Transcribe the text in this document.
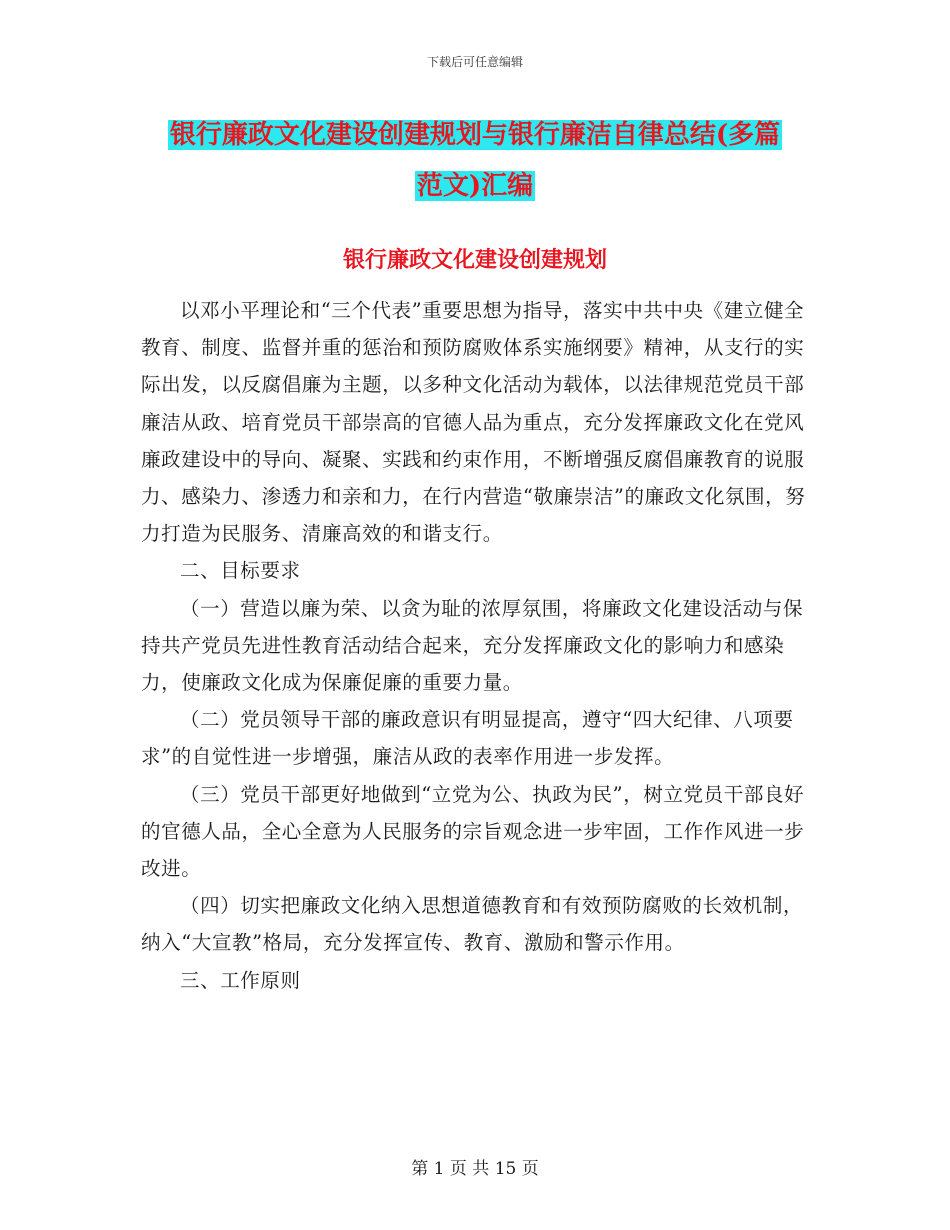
下载后可任意编辑
银行廉政文化建设创建规划与银行廉洁自律总结(多篇
范文)汇编
银行廉政文化建设创建规划

以邓小平理论和“三个代表”重要思想为指导，落实中共中央《建立健全教育、制度、监督并重的惩治和预防腐败体系实施纲要》精神，从支行的实际出发，以反腐倡廉为主题，以多种文化活动为载体，以法律规范党员干部廉洁从政、培育党员干部崇高的官德人品为重点，充分发挥廉政文化在党风廉政建设中的导向、凝聚、实践和约束作用，不断增强反腐倡廉教育的说服力、感染力、渗透力和亲和力，在行内营造“敬廉崇洁”的廉政文化氛围，努力打造为民服务、清廉高效的和谐支行。

二、目标要求

（一）营造以廉为荣、以贪为耻的浓厚氛围，将廉政文化建设活动与保持共产党员先进性教育活动结合起来，充分发挥廉政文化的影响力和感染力，使廉政文化成为保廉促廉的重要力量。

（二）党员领导干部的廉政意识有明显提高，遵守“四大纪律、八项要求”的自觉性进一步增强，廉洁从政的表率作用进一步发挥。

（三）党员干部更好地做到“立党为公、执政为民”，树立党员干部良好的官德人品，全心全意为人民服务的宗旨观念进一步牢固，工作作风进一步改进。

（四）切实把廉政文化纳入思想道德教育和有效预防腐败的长效机制，纳入“大宣教”格局，充分发挥宣传、教育、激励和警示作用。

三、工作原则

第 1 页 共 15 页
